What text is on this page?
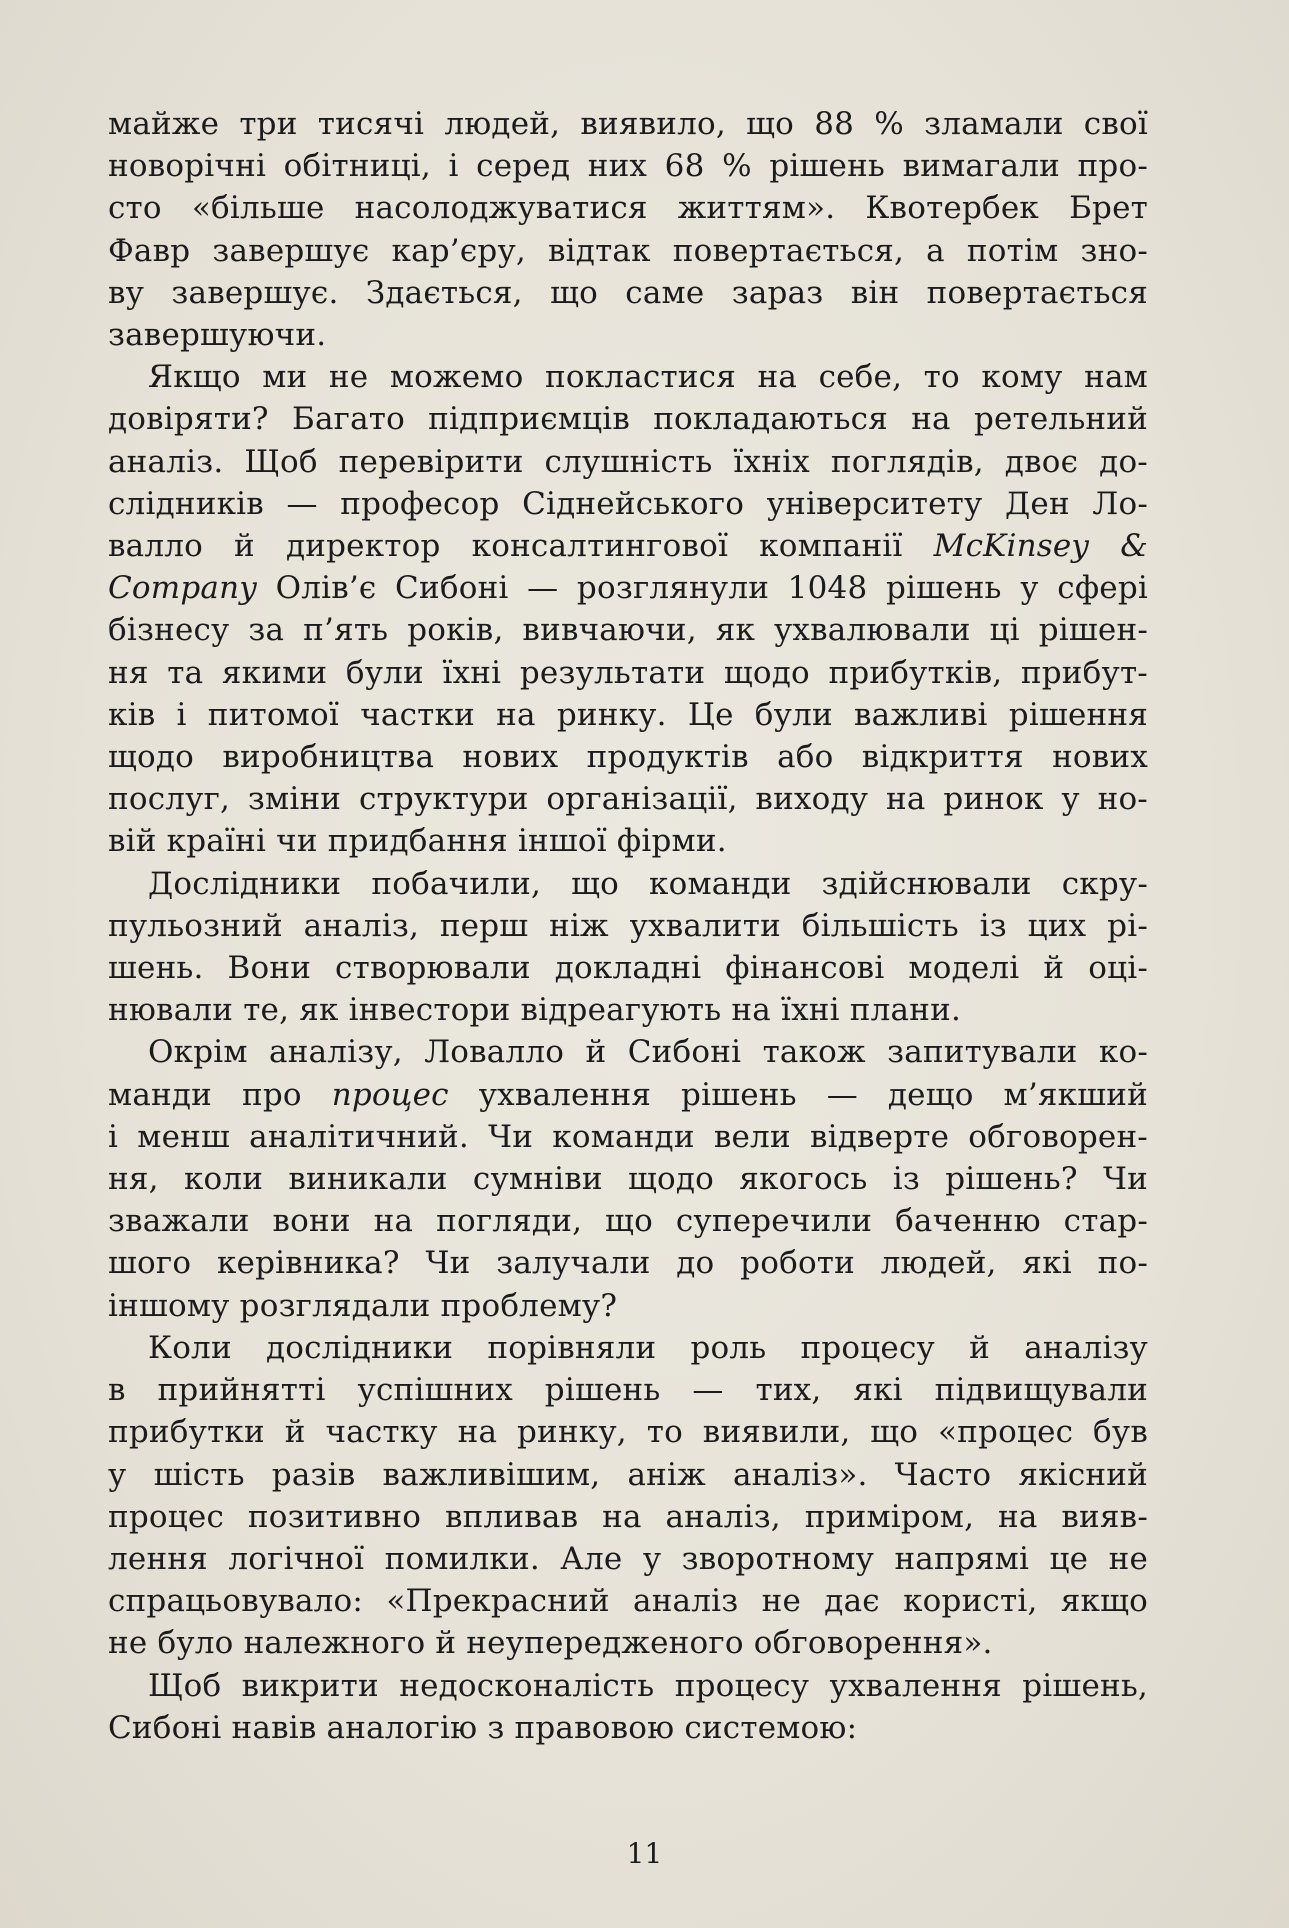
майже три тисячі людей, виявило, що 88 % зламали свої
новорічні обітниці, і серед них 68 % рішень вимагали про-
сто «більше насолоджуватися життям». Квотербек Брет
Фавр завершує кар’єру, відтак повертається, а потім зно-
ву завершує. Здається, що саме зараз він повертається
завершуючи.

Якщо ми не можемо покластися на себе, то кому нам
довіряти? Багато підприємців покладаються на ретельний
аналіз. Щоб перевірити слушність їхніх поглядів, двоє до-
слідників — професор Сіднейського університету Ден Ло-
валло й директор консалтингової компанії McKinsey &
Company Олів’є Сибоні — розглянули 1048 рішень у сфері
бізнесу за п’ять років, вивчаючи, як ухвалювали ці рішен-
ня та якими були їхні результати щодо прибутків, прибут-
ків і питомої частки на ринку. Це були важливі рішення
щодо виробництва нових продуктів або відкриття нових
послуг, зміни структури організації, виходу на ринок у но-
вій країні чи придбання іншої фірми.

Дослідники побачили, що команди здійснювали скру-
пульозний аналіз, перш ніж ухвалити більшість із цих рі-
шень. Вони створювали докладні фінансові моделі й оці-
нювали те, як інвестори відреагують на їхні плани.

Окрім аналізу, Ловалло й Сибоні також запитували ко-
манди про процес ухвалення рішень — дещо м’якший
і менш аналітичний. Чи команди вели відверте обговорен-
ня, коли виникали сумніви щодо якогось із рішень? Чи
зважали вони на погляди, що суперечили баченню стар-
шого керівника? Чи залучали до роботи людей, які по-
іншому розглядали проблему?

Коли дослідники порівняли роль процесу й аналізу
в прийнятті успішних рішень — тих, які підвищували
прибутки й частку на ринку, то виявили, що «процес був
у шість разів важливішим, аніж аналіз». Часто якісний
процес позитивно впливав на аналіз, приміром, на вияв-
лення логічної помилки. Але у зворотному напрямі це не
спрацьовувало: «Прекрасний аналіз не дає користі, якщо
не було належного й неупередженого обговорення».

Щоб викрити недосконалість процесу ухвалення рішень,
Сибоні навів аналогію з правовою системою:

11
